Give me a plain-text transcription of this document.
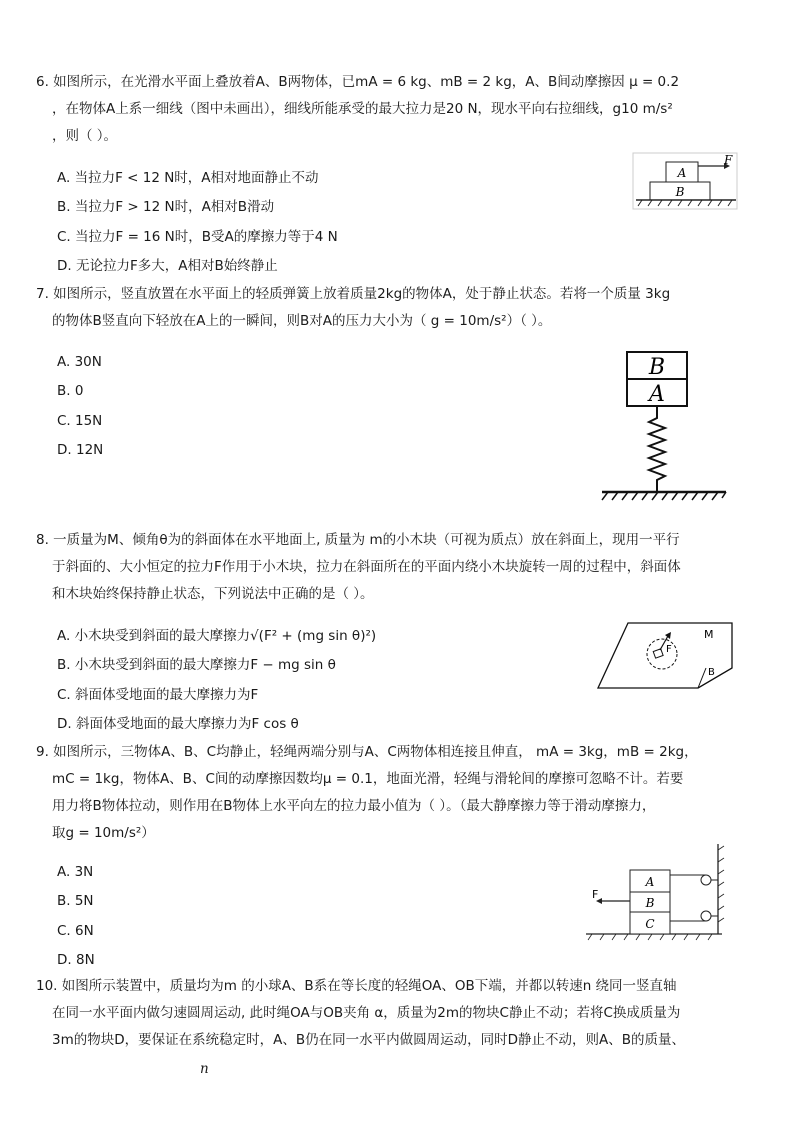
6. 如图所示，在光滑水平面上叠放着A、B两物体，已mA = 6 kg、mB = 2 kg，A、B间动摩擦因 μ = 0.2
，在物体A上系一细线（图中未画出），细线所能承受的最大拉力是20 N，现水平向右拉细线，g10 m/s²
，则（ ）。
A. 当拉力F < 12 N时，A相对地面静止不动
B. 当拉力F > 12 N时，A相对B滑动
C. 当拉力F = 16 N时，B受A的摩擦力等于4 N
D. 无论拉力F多大，A相对B始终静止
A
B
F
7. 如图所示，竖直放置在水平面上的轻质弹簧上放着质量2kg的物体A，处于静止状态。若将一个质量 3kg
的物体B竖直向下轻放在A上的一瞬间，则B对A的压力大小为（ g = 10m/s²）（ ）。
A. 30N
B. 0
C. 15N
D. 12N
B
A
8. 一质量为M、倾角θ为的斜面体在水平地面上, 质量为 m的小木块（可视为质点）放在斜面上，现用一平行
于斜面的、大小恒定的拉力F作用于小木块，拉力在斜面所在的平面内绕小木块旋转一周的过程中，斜面体
和木块始终保持静止状态，下列说法中正确的是（ ）。
A. 小木块受到斜面的最大摩擦力√(F² + (mg sin θ)²)
B. 小木块受到斜面的最大摩擦力F − mg sin θ
C. 斜面体受地面的最大摩擦力为F
D. 斜面体受地面的最大摩擦力为F cos θ
F
M
B
9. 如图所示，三物体A、B、C均静止，轻绳两端分别与A、C两物体相连接且伸直， mA = 3kg，mB = 2kg，
mC = 1kg，物体A、B、C间的动摩擦因数均μ = 0.1，地面光滑，轻绳与滑轮间的摩擦可忽略不计。若要
用力将B物体拉动，则作用在B物体上水平向左的拉力最小值为（ ）。（最大静摩擦力等于滑动摩擦力，
取g = 10m/s²）
A. 3N
B. 5N
C. 6N
D. 8N
A
B
C
F
10. 如图所示装置中，质量均为m 的小球A、B系在等长度的轻绳OA、OB下端，并都以转速n 绕同一竖直轴
在同一水平面内做匀速圆周运动, 此时绳OA与OB夹角 α，质量为2m的物块C静止不动；若将C换成质量为
3m的物块D，要保证在系统稳定时，A、B仍在同一水平内做圆周运动，同时D静止不动，则A、B的质量、
n
